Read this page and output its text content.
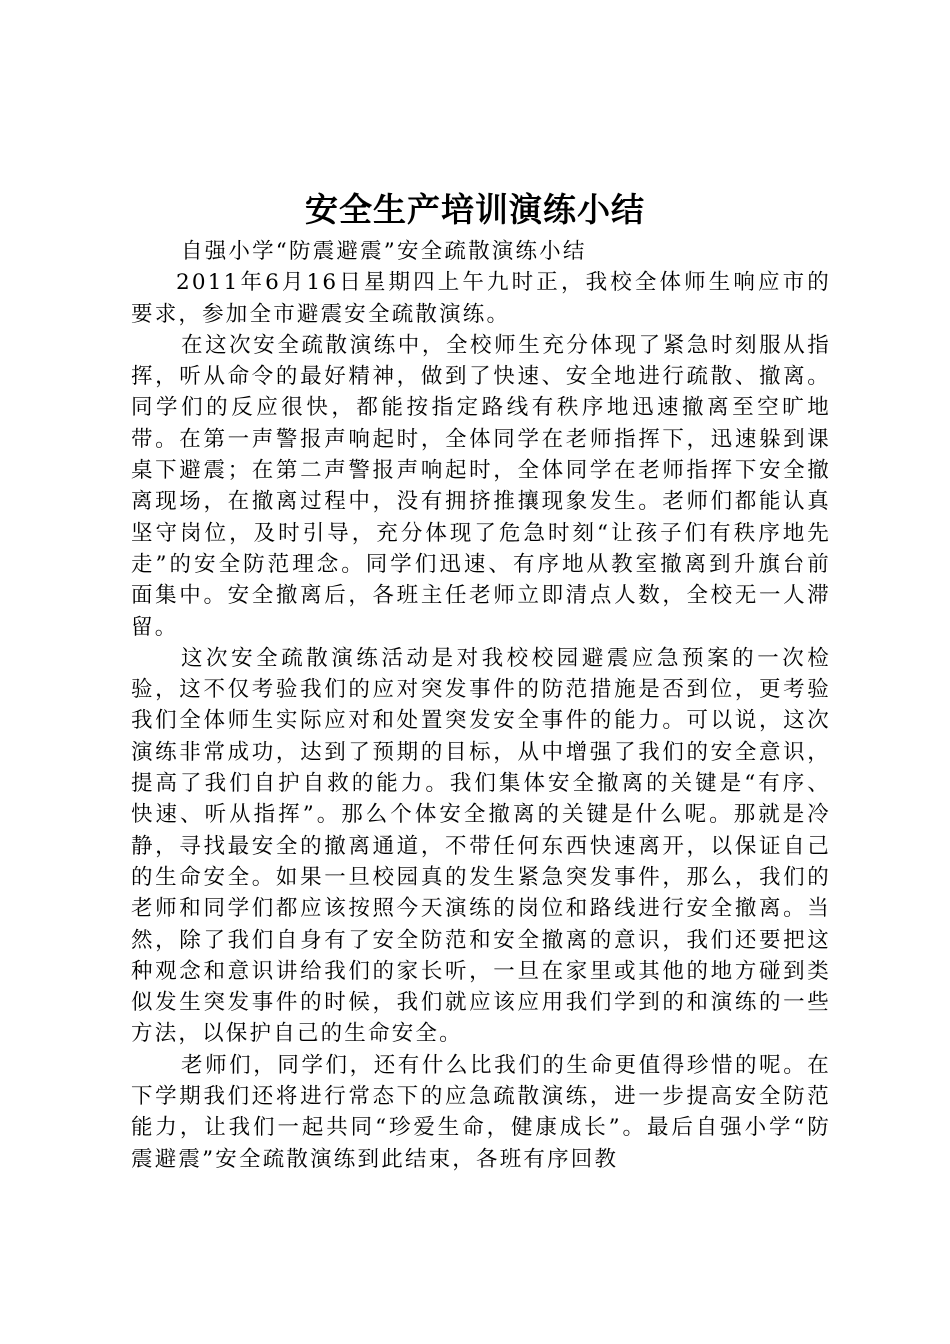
安全生产培训演练小结

自强小学“防震避震”安全疏散演练小结

2011年6月16日星期四上午九时正，我校全体师生响应市的要求，参加全市避震安全疏散演练。

在这次安全疏散演练中，全校师生充分体现了紧急时刻服从指挥，听从命令的最好精神，做到了快速、安全地进行疏散、撤离。同学们的反应很快，都能按指定路线有秩序地迅速撤离至空旷地带。在第一声警报声响起时，全体同学在老师指挥下，迅速躲到课桌下避震；在第二声警报声响起时，全体同学在老师指挥下安全撤离现场，在撤离过程中，没有拥挤推攘现象发生。老师们都能认真坚守岗位，及时引导，充分体现了危急时刻“让孩子们有秩序地先走”的安全防范理念。同学们迅速、有序地从教室撤离到升旗台前面集中。安全撤离后，各班主任老师立即清点人数，全校无一人滞留。

这次安全疏散演练活动是对我校校园避震应急预案的一次检验，这不仅考验我们的应对突发事件的防范措施是否到位，更考验我们全体师生实际应对和处置突发安全事件的能力。可以说，这次演练非常成功，达到了预期的目标，从中增强了我们的安全意识，提高了我们自护自救的能力。我们集体安全撤离的关键是“有序、快速、听从指挥”。那么个体安全撤离的关键是什么呢。那就是冷静，寻找最安全的撤离通道，不带任何东西快速离开，以保证自己的生命安全。如果一旦校园真的发生紧急突发事件，那么，我们的老师和同学们都应该按照今天演练的岗位和路线进行安全撤离。当然，除了我们自身有了安全防范和安全撤离的意识，我们还要把这种观念和意识讲给我们的家长听，一旦在家里或其他的地方碰到类似发生突发事件的时候，我们就应该应用我们学到的和演练的一些方法，以保护自己的生命安全。

老师们，同学们，还有什么比我们的生命更值得珍惜的呢。在下学期我们还将进行常态下的应急疏散演练，进一步提高安全防范能力，让我们一起共同“珍爱生命，健康成长”。最后自强小学“防震避震”安全疏散演练到此结束，各班有序回教
